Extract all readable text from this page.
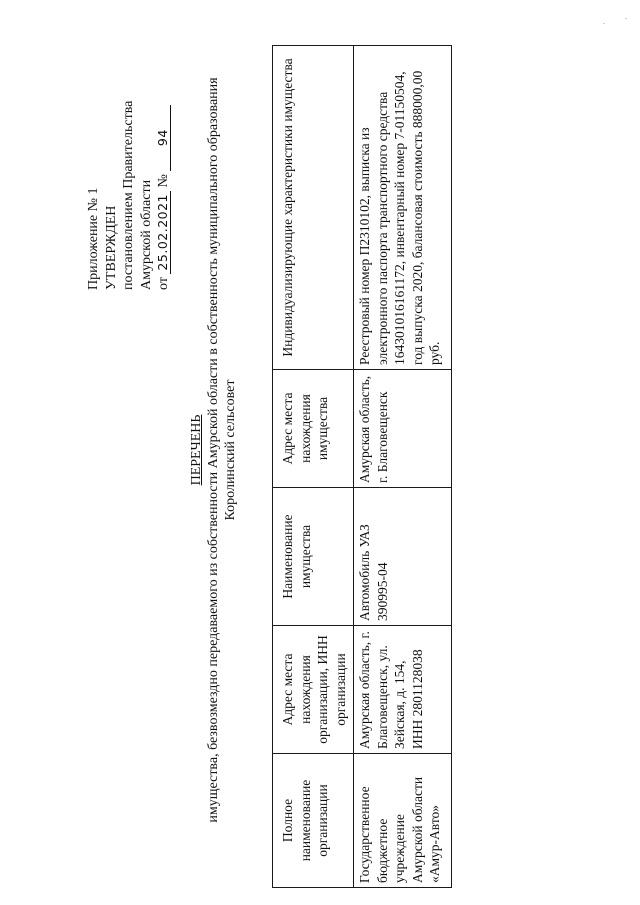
Приложение № 1 УТВЕРЖДЕН постановлением Правительства Амурской области от 25.02.2021 № 94
ПЕРЕЧЕНЬ имущества, безвозмездно передаваемого из собственности Амурской области в собственность муниципального образования Королинский сельсовет
Полное наименование организации	Адрес места нахождения организации, ИНН организации	Наименование имущества	Адрес места нахождения имущества	Индивидуализирующие характеристики имущества
Государственное бюджетное учреждение Амурской области «Амур-Авто»	Амурская область, г. Благовещенск, ул. Зейская, д. 154, ИНН 2801128038	Автомобиль УАЗ 390995-04	Амурская область, г. Благовещенск	Реестровый номер П2310102, выписка из электронного паспорта транспортного средства 164301016161172, инвентарный номер 7-01150504, год выпуска 2020, балансовая стоимость 888000,00 руб.
·
·
